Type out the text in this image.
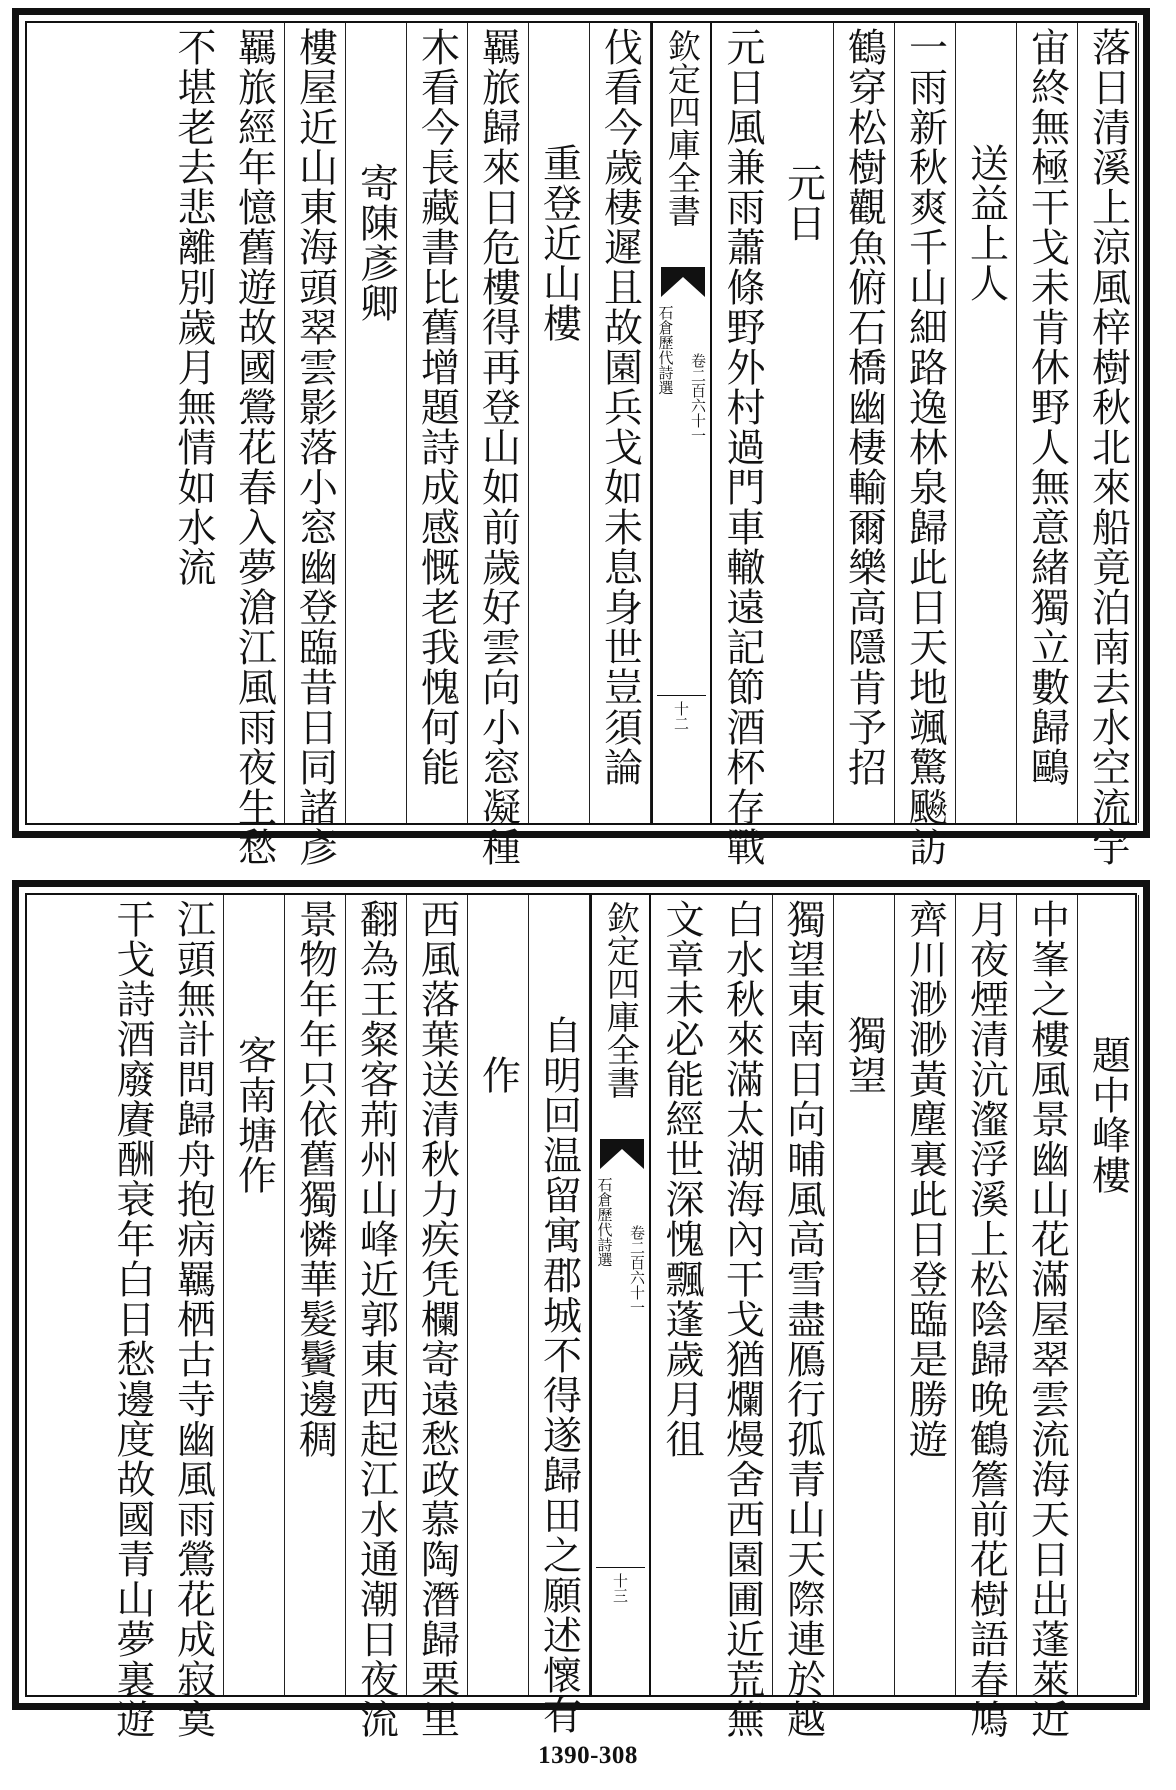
落日清溪上涼風梓樹秋北來船竟泊南去水空流宇
宙終無極干戈未肯休野人無意緒獨立數歸鷗
送益上人
一雨新秋爽千山細路逸林泉歸此日天地颯驚飈訪
鶴穿松樹觀魚俯石橋幽棲輸爾樂高隱肯予招
元日
元日風兼雨蕭條野外村過門車轍遠記節酒杯存戰
欽定四庫全書
石倉歷代詩選
卷二百六十一
十二
伐看今歲棲遲且故園兵戈如未息身世豈須論
重登近山樓
羈旅歸來日危樓得再登山如前歲好雲向小窓凝種
木看今長藏書比舊增題詩成感慨老我愧何能
寄陳彥卿
樓屋近山東海頭翠雲影落小窓幽登臨昔日同諸彥
羈旅經年憶舊遊故國鶯花春入夢滄江風雨夜生愁
不堪老去悲離別歲月無情如水流
題中峰樓
中峯之樓風景幽山花滿屋翠雲流海天日出蓬萊近
月夜煙清沆瀣浮溪上松陰歸晚鶴簷前花樹語春鳩
齊川渺渺黃塵裏此日登臨是勝遊
獨望
獨望東南日向晡風高雪盡鴈行孤青山天際連於越
白水秋來滿太湖海內干戈猶爛熳舍西園圃近荒蕪
文章未必能經世深愧飄蓬歲月徂
欽定四庫全書
石倉歷代詩選
卷二百六十一
十三
自明回温留寓郡城不得遂歸田之願述懷有
作
西風落葉送清秋力疾凭欄寄遠愁政慕陶潛歸栗里
翻為王粲客荊州山峰近郭東西起江水通潮日夜流
景物年年只依舊獨憐華髮鬢邊稠
客南塘作
江頭無計問歸舟抱病羈栖古寺幽風雨鶯花成寂寞
干戈詩酒廢賡酬衰年白日愁邊度故國青山夢裏遊
1390-308
